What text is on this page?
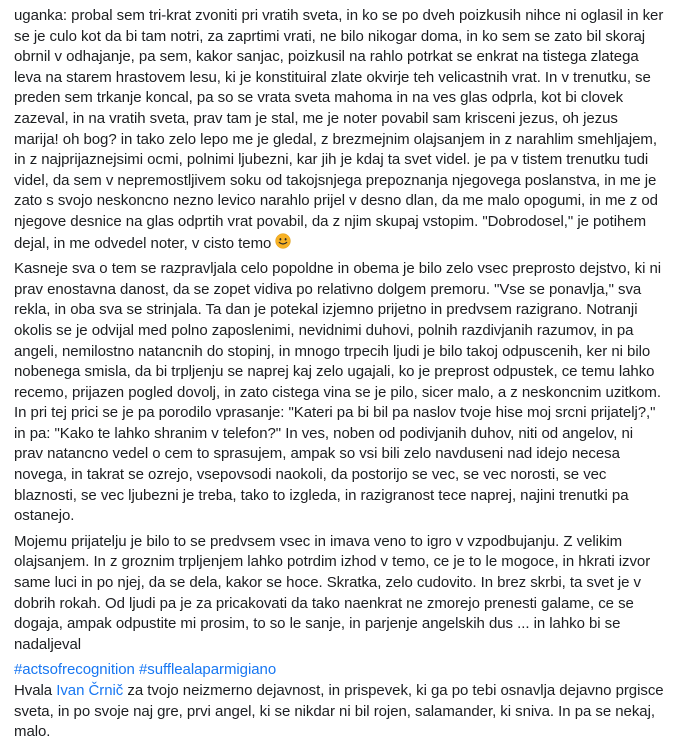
uganka: probal sem tri-krat zvoniti pri vratih sveta, in ko se po dveh poizkusih nihce ni oglasil in ker se je culo kot da bi tam notri, za zaprtimi vrati, ne bilo nikogar doma, in ko sem se zato bil skoraj obrnil v odhajanje, pa sem, kakor sanjac, poizkusil na rahlo potrkat se enkrat na tistega zlatega leva na starem hrastovem lesu, ki je konstituiral zlate okvirje teh velicastnih vrat. In v trenutku, se preden sem trkanje koncal, pa so se vrata sveta mahoma in na ves glas odprla, kot bi clovek zazeval, in na vratih sveta, prav tam je stal, me je noter povabil sam krisceni jezus, oh jezus marija! oh bog? in tako zelo lepo me je gledal, z brezmejnim olajsanjem in z narahlim smehljajem, in z najprijaznejsimi ocmi, polnimi ljubezni, kar jih je kdaj ta svet videl. je pa v tistem trenutku tudi videl, da sem v nepremostljivem soku od takojsnjega prepoznanja njegovega poslanstva, in me je zato s svojo neskoncno nezno levico narahlo prijel v desno dlan, da me malo opogumi, in me z od njegove desnice na glas odprtih vrat povabil, da z njim skupaj vstopim. "Dobrodosel," je potihem dejal, in me odvedel noter, v cisto temo

Kasneje sva o tem se razpravljala celo popoldne in obema je bilo zelo vsec preprosto dejstvo, ki ni prav enostavna danost, da se zopet vidiva po relativno dolgem premoru. "Vse se ponavlja," sva rekla, in oba sva se strinjala. Ta dan je potekal izjemno prijetno in predvsem razigrano. Notranji okolis se je odvijal med polno zaposlenimi, nevidnimi duhovi, polnih razdivjanih razumov, in pa angeli, nemilostno natancnih do stopinj, in mnogo trpecih ljudi je bilo takoj odpuscenih, ker ni bilo nobenega smisla, da bi trpljenju se naprej kaj zelo ugajali, ko je preprost odpustek, ce temu lahko recemo, prijazen pogled dovolj, in zato cistega vina se je pilo, sicer malo, a z neskoncnim uzitkom. In pri tej prici se je pa porodilo vprasanje: "Kateri pa bi bil pa naslov tvoje hise moj srcni prijatelj?," in pa: "Kako te lahko shranim v telefon?" In ves, noben od podivjanih duhov, niti od angelov, ni prav natancno vedel o cem to sprasujem, ampak so vsi bili zelo navduseni nad idejo necesa novega, in takrat se ozrejo, vsepovsodi naokoli, da postorijo se vec, se vec norosti, se vec blaznosti, se vec ljubezni je treba, tako to izgleda, in razigranost tece naprej, najini trenutki pa ostanejo.

Mojemu prijatelju je bilo to se predvsem vsec in imava veno to igro v vzpodbujanju. Z velikim olajsanjem. In z groznim trpljenjem lahko potrdim izhod v temo, ce je to le mogoce, in hkrati izvor same luci in po njej, da se dela, kakor se hoce. Skratka, zelo cudovito. In brez skrbi, ta svet je v dobrih rokah. Od ljudi pa je za pricakovati da tako naenkrat ne zmorejo prenesti galame, ce se dogaja, ampak odpustite mi prosim, to so le sanje, in parjenje angelskih dus ... in lahko bi se nadaljeval

#actsofrecognition #sufflealaparmigiano

Hvala Ivan Črnič za tvojo neizmerno dejavnost, in prispevek, ki ga po tebi osnavlja dejavno prgisce sveta, in po svoje naj gre, prvi angel, ki se nikdar ni bil rojen, salamander, ki sniva. In pa se nekaj, malo.
